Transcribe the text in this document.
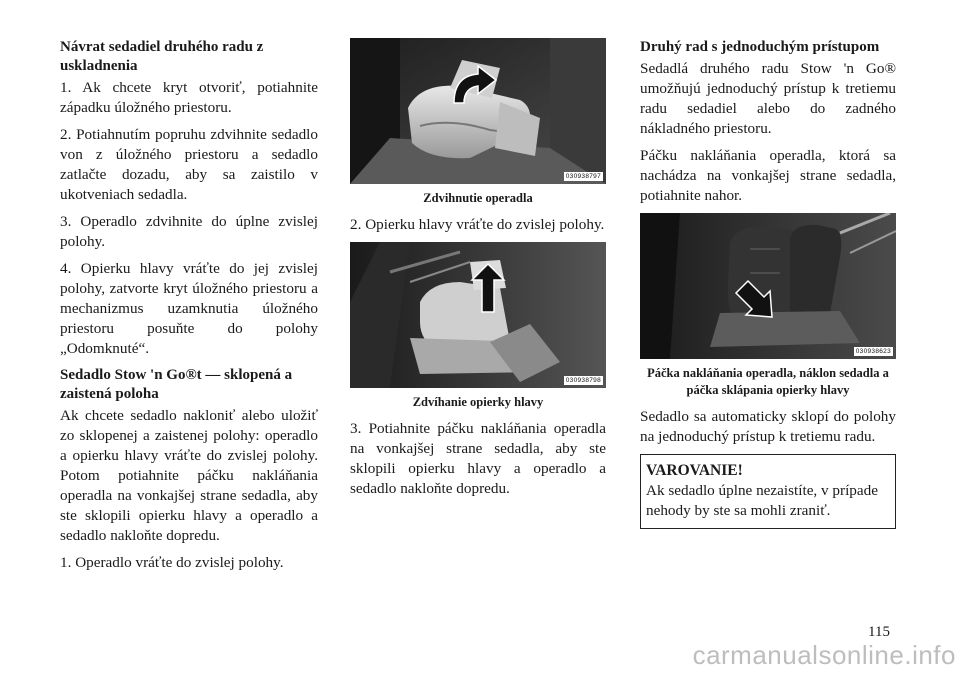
Návrat sedadiel druhého radu z uskladnenia

1. Ak chcete kryt otvoriť, potiahnite západku úložného priestoru.

2. Potiahnutím popruhu zdvihnite sedadlo von z úložného priestoru a sedadlo zatlačte dozadu, aby sa zaistilo v ukotveniach sedadla.

3. Operadlo zdvihnite do úplne zvislej polohy.

4. Opierku hlavy vráťte do jej zvislej polohy, zatvorte kryt úložného priestoru a mechanizmus uzamknutia úložného priestoru posuňte do polohy „Odomknuté“.

Sedadlo Stow 'n Go®t — sklopená a zaistená poloha

Ak chcete sedadlo nakloniť alebo uložiť zo sklopenej a zaistenej polohy: operadlo a opierku hlavy vráťte do zvislej polohy. Potom potiahnite páčku nakláňania operadla na vonkajšej strane sedadla, aby ste sklopili opierku hlavy a operadlo a sedadlo nakloňte dopredu.

1. Operadlo vráťte do zvislej polohy.

030938797
Zdvihnutie operadla

2. Opierku hlavy vráťte do zvislej polohy.

030938798
Zdvíhanie opierky hlavy

3. Potiahnite páčku nakláňania operadla na vonkajšej strane sedadla, aby ste sklopili opierku hlavy a operadlo a sedadlo nakloňte dopredu.

Druhý rad s jednoduchým prístupom

Sedadlá druhého radu Stow 'n Go® umožňujú jednoduchý prístup k tretiemu radu sedadiel alebo do zadného nákladného priestoru.

Páčku nakláňania operadla, ktorá sa nachádza na vonkajšej strane sedadla, potiahnite nahor.

030938623
Páčka nakláňania operadla, náklon sedadla a páčka sklápania opierky hlavy

Sedadlo sa automaticky sklopí do polohy na jednoduchý prístup k tretiemu radu.

VAROVANIE!
Ak sedadlo úplne nezaistíte, v prípade nehody by ste sa mohli zraniť.
115
carmanualsonline.info
